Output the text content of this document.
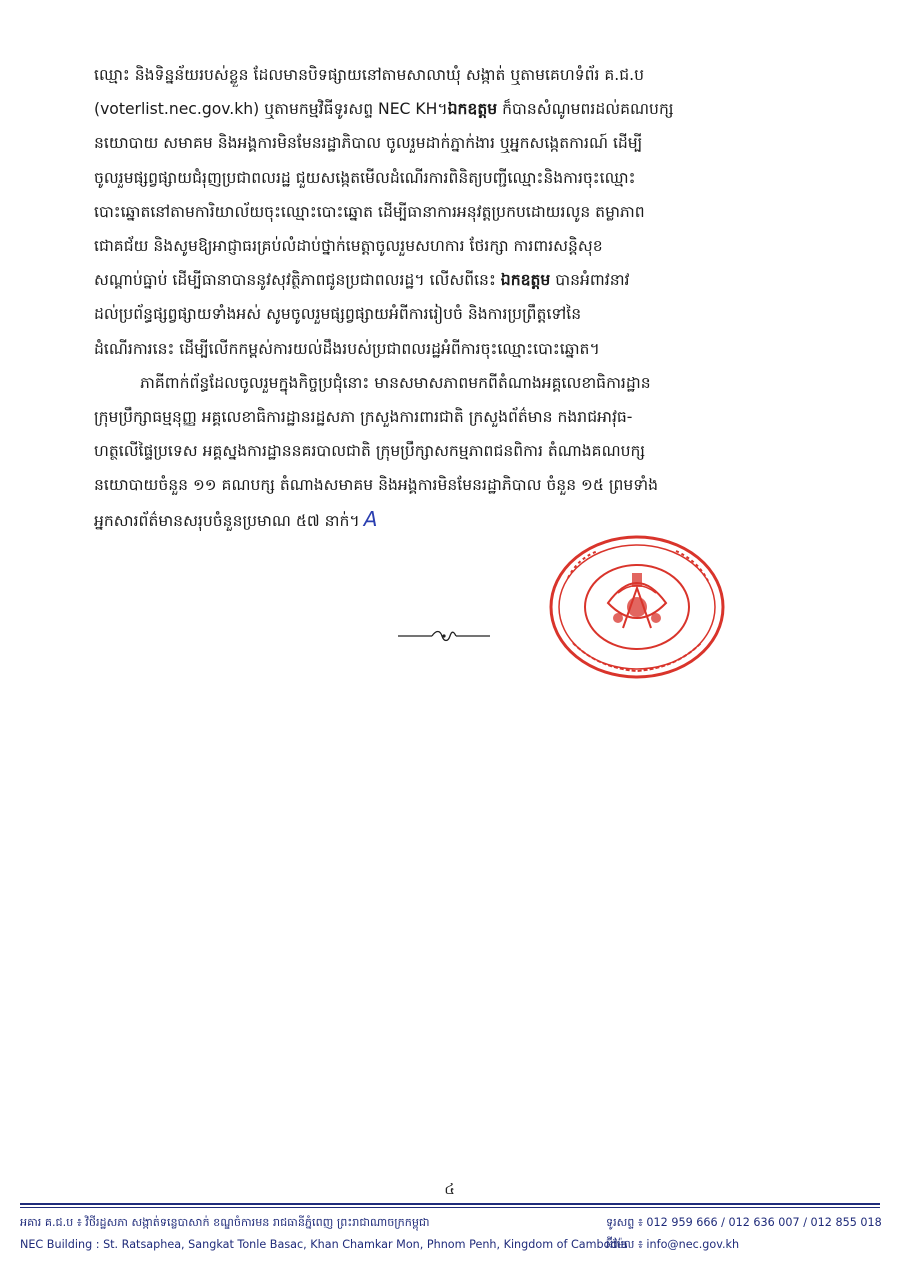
ឈ្មោះ និងទិន្នន័យរបស់ខ្លួន ដែលមានបិទផ្សាយនៅតាមសាលាឃុំ សង្កាត់ ឬតាមគេហទំព័រ គ.ជ.ប
(voterlist.nec.gov.kh) ឬតាមកម្មវិធីទូរសព្ទ NEC KH។ឯកឧត្តម ក៏បានសំណូមពរដល់គណបក្ស
នយោបាយ សមាគម និងអង្គការមិនមែនរដ្ឋាភិបាល ចូលរួមដាក់ភ្នាក់ងារ ឬអ្នកសង្កេតការណ៍ ដើម្បី
ចូលរួមផ្សព្វផ្សាយជំរុញប្រជាពលរដ្ឋ ជួយសង្កេតមើលដំណើរការពិនិត្យបញ្ជីឈ្មោះនិងការចុះឈ្មោះ
បោះឆ្នោតនៅតាមការិយាល័យចុះឈ្មោះបោះឆ្នោត ដើម្បីធានាការអនុវត្តប្រកបដោយរលូន តម្លាភាព
ជោគជ័យ និងសូមឱ្យអាជ្ញាធរគ្រប់លំដាប់ថ្នាក់មេត្តាចូលរួមសហការ ថែរក្សា ការពារសន្តិសុខ
សណ្តាប់ធ្នាប់ ដើម្បីធានាបាននូវសុវត្ថិភាពជូនប្រជាពលរដ្ឋ។ លើសពីនេះ ឯកឧត្តម បានអំពាវនាវ
ដល់ប្រព័ន្ធផ្សព្វផ្សាយទាំងអស់ សូមចូលរួមផ្សព្វផ្សាយអំពីការរៀបចំ និងការប្រព្រឹត្តទៅនៃ
ដំណើរការនេះ ដើម្បីលើកកម្ពស់ការយល់ដឹងរបស់ប្រជាពលរដ្ឋអំពីការចុះឈ្មោះបោះឆ្នោត។
ភាគីពាក់ព័ន្ធដែលចូលរួមក្នុងកិច្ចប្រជុំនោះ មានសមាសភាពមកពីតំណាងអគ្គលេខាធិការដ្ឋាន
ក្រុមប្រឹក្សាធម្មនុញ្ញ អគ្គលេខាធិការដ្ឋានរដ្ឋសភា ក្រសួងការពារជាតិ ក្រសួងព័ត៌មាន កងរាជអាវុធ-
ហត្ថលើផ្ទៃប្រទេស អគ្គស្នងការដ្ឋាននគរបាលជាតិ ក្រុមប្រឹក្សាសកម្មភាពជនពិការ តំណាងគណបក្ស
នយោបាយចំនួន ១១ គណបក្ស តំណាងសមាគម និងអង្គការមិនមែនរដ្ឋាភិបាល ចំនួន ១៥ ព្រមទាំង
អ្នកសារព័ត៌មានសរុបចំនួនប្រមាណ ៥៧ នាក់។ A
៤
អគារ គ.ជ.ប ៖ វិថីរដ្ឋសភា សង្កាត់ទន្លេបាសាក់ ខណ្ឌចំការមន រាជធានីភ្នំពេញ ព្រះរាជាណាចក្រកម្ពុជា
NEC Building : St. Ratsaphea, Sangkat Tonle Basac, Khan Chamkar Mon, Phnom Penh, Kingdom of Cambodia
ទូរសព្ទ ៖ 012 959 666 / 012 636 007 / 012 855 018
អ៊ីម៉ែល ៖ info@nec.gov.kh
